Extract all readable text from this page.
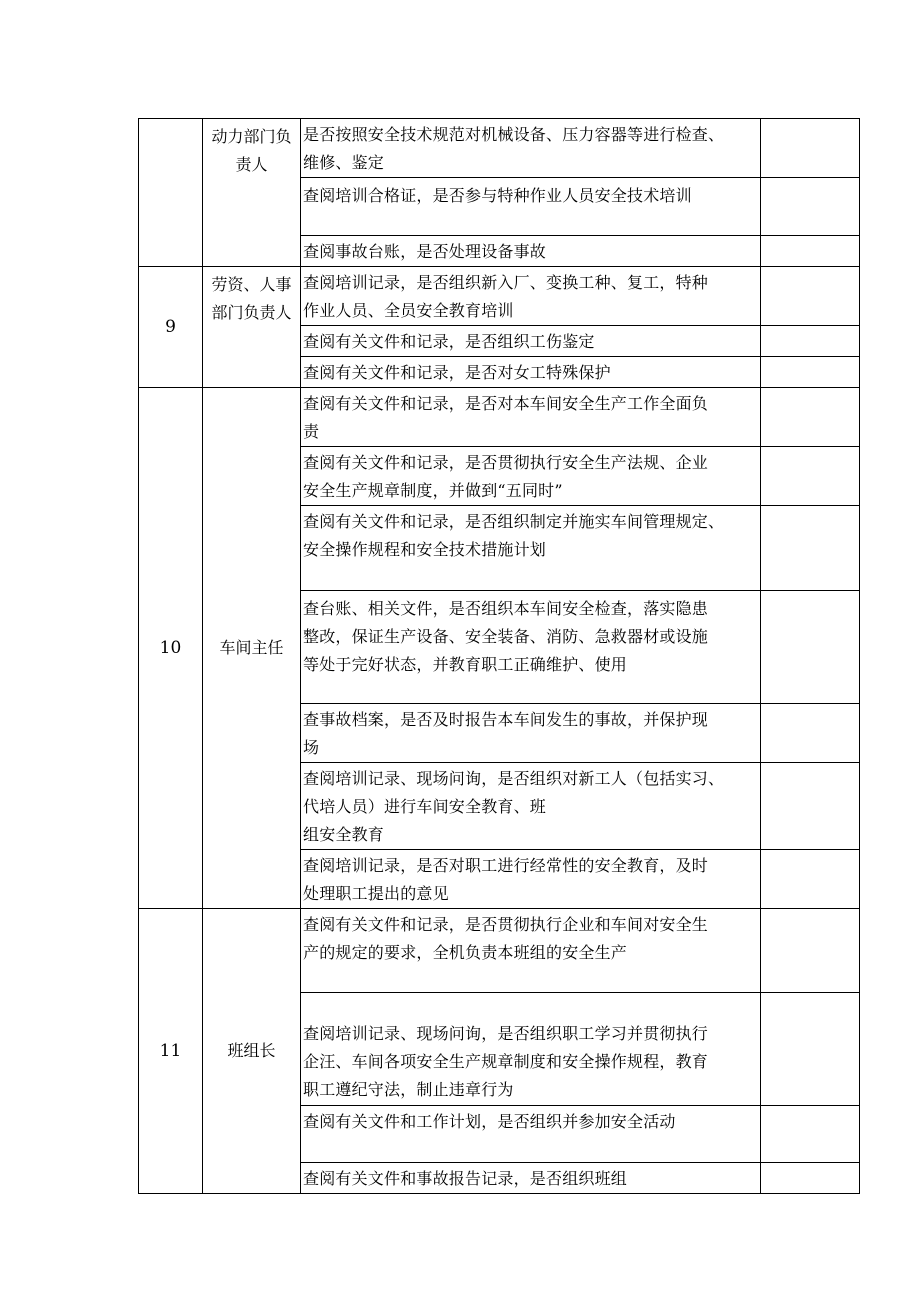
	动力部门负责人	是否按照安全技术规范对机械设备、压力容器等进行检查、
维修、鉴定	

		查阅培训合格证，是否参与特种作业人员安全技术培训	

		查阅事故台账，是否处理设备事故	

9	劳资、人事部门负责人	查阅培训记录，是否组织新入厂、变换工种、复工，特种
作业人员、全员安全教育培训	

		查阅有关文件和记录，是否组织工伤鉴定	

		查阅有关文件和记录，是否对女工特殊保护	

10	车间主任	查阅有关文件和记录，是否对本车间安全生产工作全面负
责	

		查阅有关文件和记录，是否贯彻执行安全生产法规、企业
安全生产规章制度，并做到“五同时”	

		查阅有关文件和记录，是否组织制定并施实车间管理规定、
安全操作规程和安全技术措施计划	

		查台账、相关文件，是否组织本车间安全检查，落实隐患
整改，保证生产设备、安全装备、消防、急救器材或设施
等处于完好状态，并教育职工正确维护、使用	

		查事故档案，是否及时报告本车间发生的事故，并保护现
场	

		查阅培训记录、现场问询，是否组织对新工人（包括实习、
代培人员）进行车间安全教育、班
组安全教育	

		查阅培训记录，是否对职工进行经常性的安全教育，及时
处理职工提出的意见	

11	班组长	查阅有关文件和记录，是否贯彻执行企业和车间对安全生
产的规定的要求，全机负责本班组的安全生产	

		查阅培训记录、现场问询，是否组织职工学习并贯彻执行
企汪、车间各项安全生产规章制度和安全操作规程，教育
职工遵纪守法，制止违章行为	

		查阅有关文件和工作计划，是否组织并参加安全活动	

		查阅有关文件和事故报告记录，是否组织班组	
